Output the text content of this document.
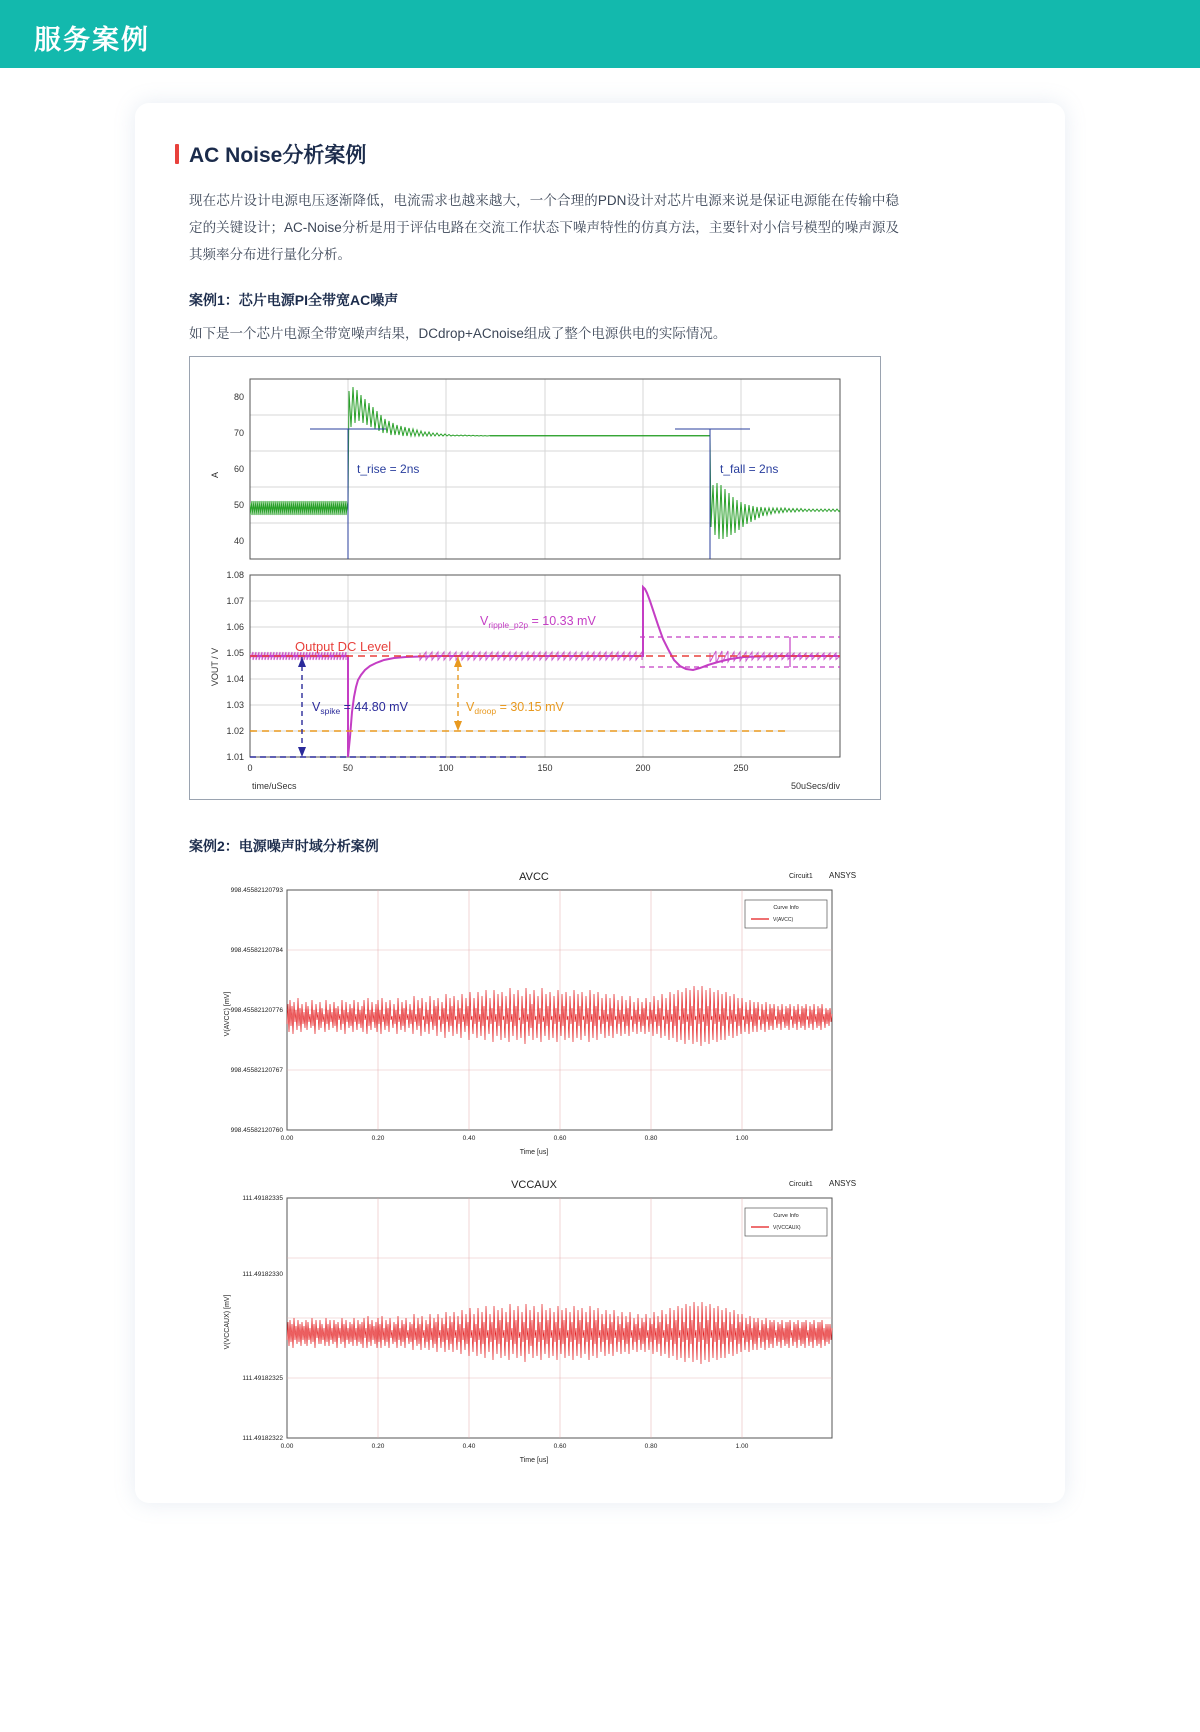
服务案例
AC Noise分析案例

现在芯片设计电源电压逐渐降低，电流需求也越来越大，一个合理的PDN设计对芯片电源来说是保证电源能在传输中稳定的关键设计；AC-Noise分析是用于评估电路在交流工作状态下噪声特性的仿真方法，主要针对小信号模型的噪声源及其频率分布进行量化分析。

案例1：芯片电源PI全带宽AC噪声
如下是一个芯片电源全带宽噪声结果，DCdrop+ACnoise组成了整个电源供电的实际情况。
80
70
60
50
40
A	t_rise = 2ns	t_fall = 2ns
1.08
1.07
1.06
1.05
1.04
1.03
1.02
1.01
VOUT / V
0	50	100	150	200	250
time/uSecs	50uSecs/div
Output DC Level
$V_{ripple\_p2p} = 10.33$ mV
$V_{spike} = 44.80$ mV	$V_{droop} = 30.15$ mV
案例2：电源噪声时域分析案例
AVCC	Circuit1 ANSYS
998.45582120793
998.45582120784
998.45582120776
998.45582120767
998.45582120760
V(AVCC) [mV]
0.00	0.20	0.40	0.60	0.80	1.00
Time [us]
Curve Info
V(AVCC)
VCCAUX	Circuit1 ANSYS
111.49182335
111.49182330
111.49182325
111.49182322
V(VCCAUX) [mV]
0.00	0.20	0.40	0.60	0.80	1.00
Time [us]
Curve Info
V(VCCAUX)
